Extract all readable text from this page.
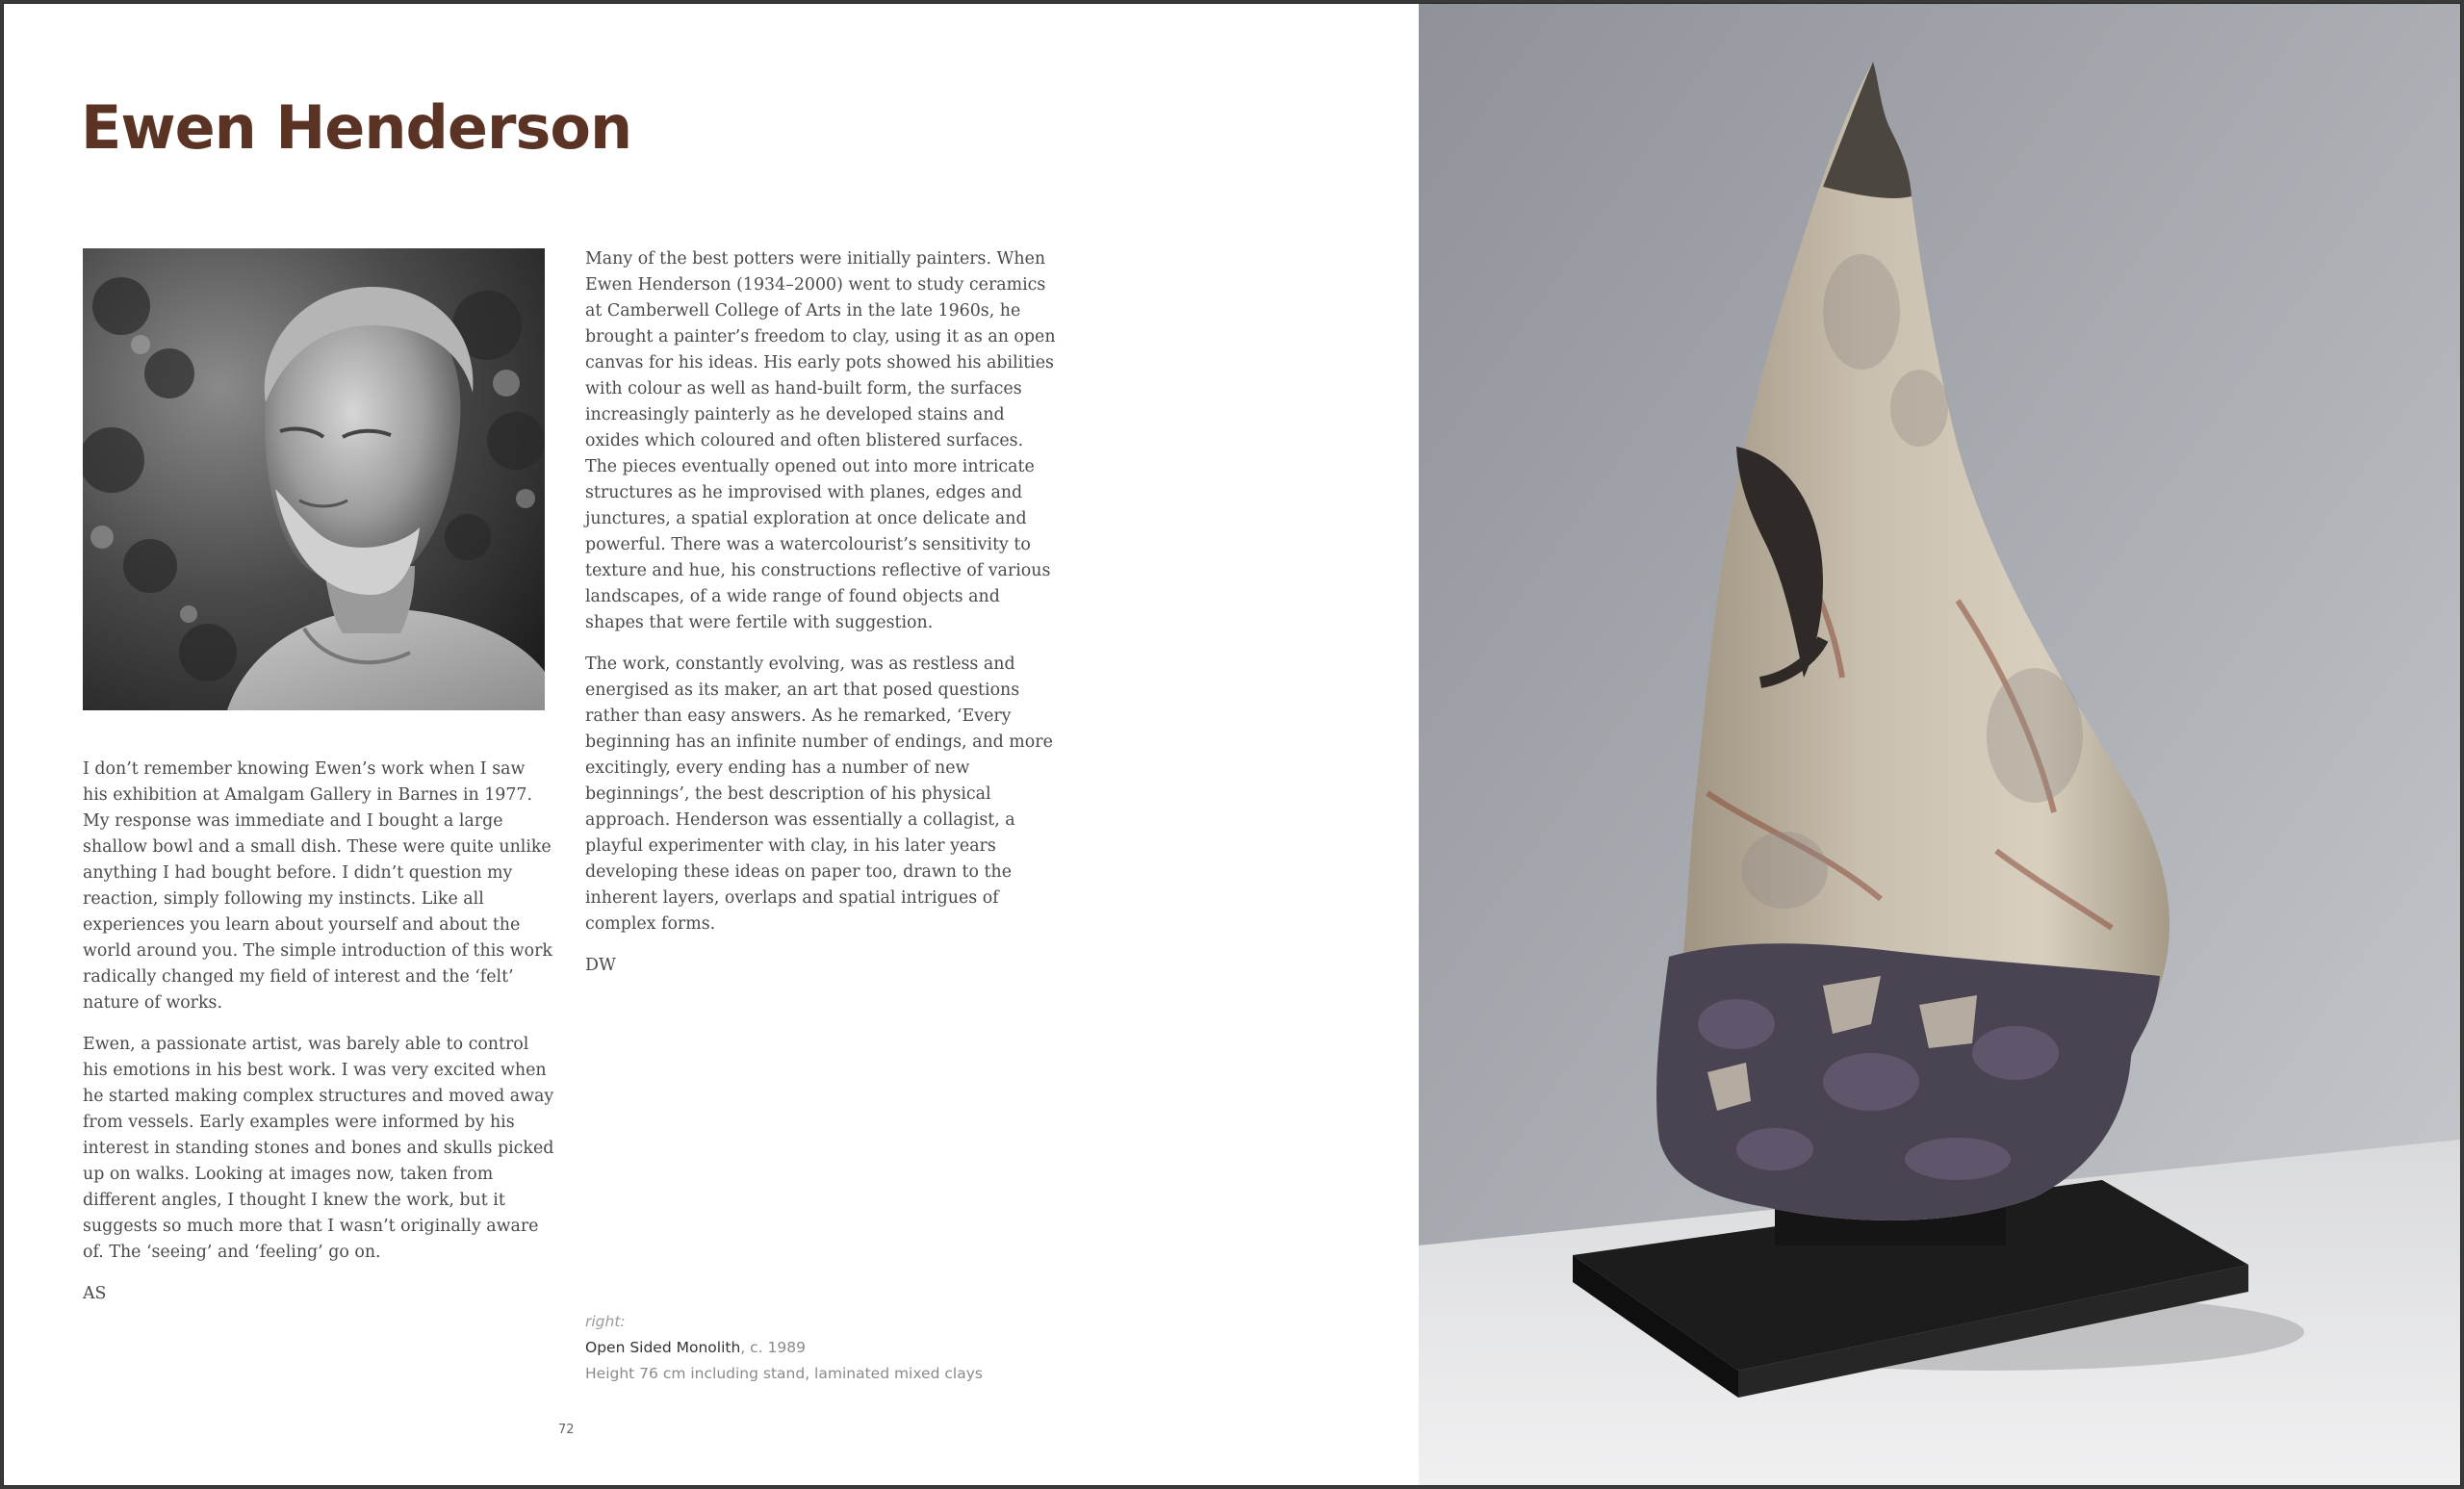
Ewen Henderson

I don’t remember knowing Ewen’s work when I saw his exhibition at Amalgam Gallery in Barnes in 1977. My response was immediate and I bought a large shallow bowl and a small dish. These were quite unlike anything I had bought before. I didn’t question my reaction, simply following my instincts. Like all experiences you learn about yourself and about the world around you. The simple introduction of this work radically changed my field of interest and the ‘felt’ nature of works.

Ewen, a passionate artist, was barely able to control his emotions in his best work. I was very excited when he started making complex structures and moved away from vessels. Early examples were informed by his interest in standing stones and bones and skulls picked up on walks. Looking at images now, taken from different angles, I thought I knew the work, but it suggests so much more that I wasn’t originally aware of. The ‘seeing’ and ‘feeling’ go on.

AS

Many of the best potters were initially painters. When Ewen Henderson (1934–2000) went to study ceramics at Camberwell College of Arts in the late 1960s, he brought a painter’s freedom to clay, using it as an open canvas for his ideas. His early pots showed his abilities with colour as well as hand-built form, the surfaces increasingly painterly as he developed stains and oxides which coloured and often blistered surfaces. The pieces eventually opened out into more intricate structures as he improvised with planes, edges and junctures, a spatial exploration at once delicate and powerful. There was a watercolourist’s sensitivity to texture and hue, his constructions reflective of various landscapes, of a wide range of found objects and shapes that were fertile with suggestion.

The work, constantly evolving, was as restless and energised as its maker, an art that posed questions rather than easy answers. As he remarked, ‘Every beginning has an infinite number of endings, and more excitingly, every ending has a number of new beginnings’, the best description of his physical approach. Henderson was essentially a collagist, a playful experimenter with clay, in his later years developing these ideas on paper too, drawn to the inherent layers, overlaps and spatial intrigues of complex forms.

DW

right:
Open Sided Monolith, c. 1989
Height 76 cm including stand, laminated mixed clays
72
